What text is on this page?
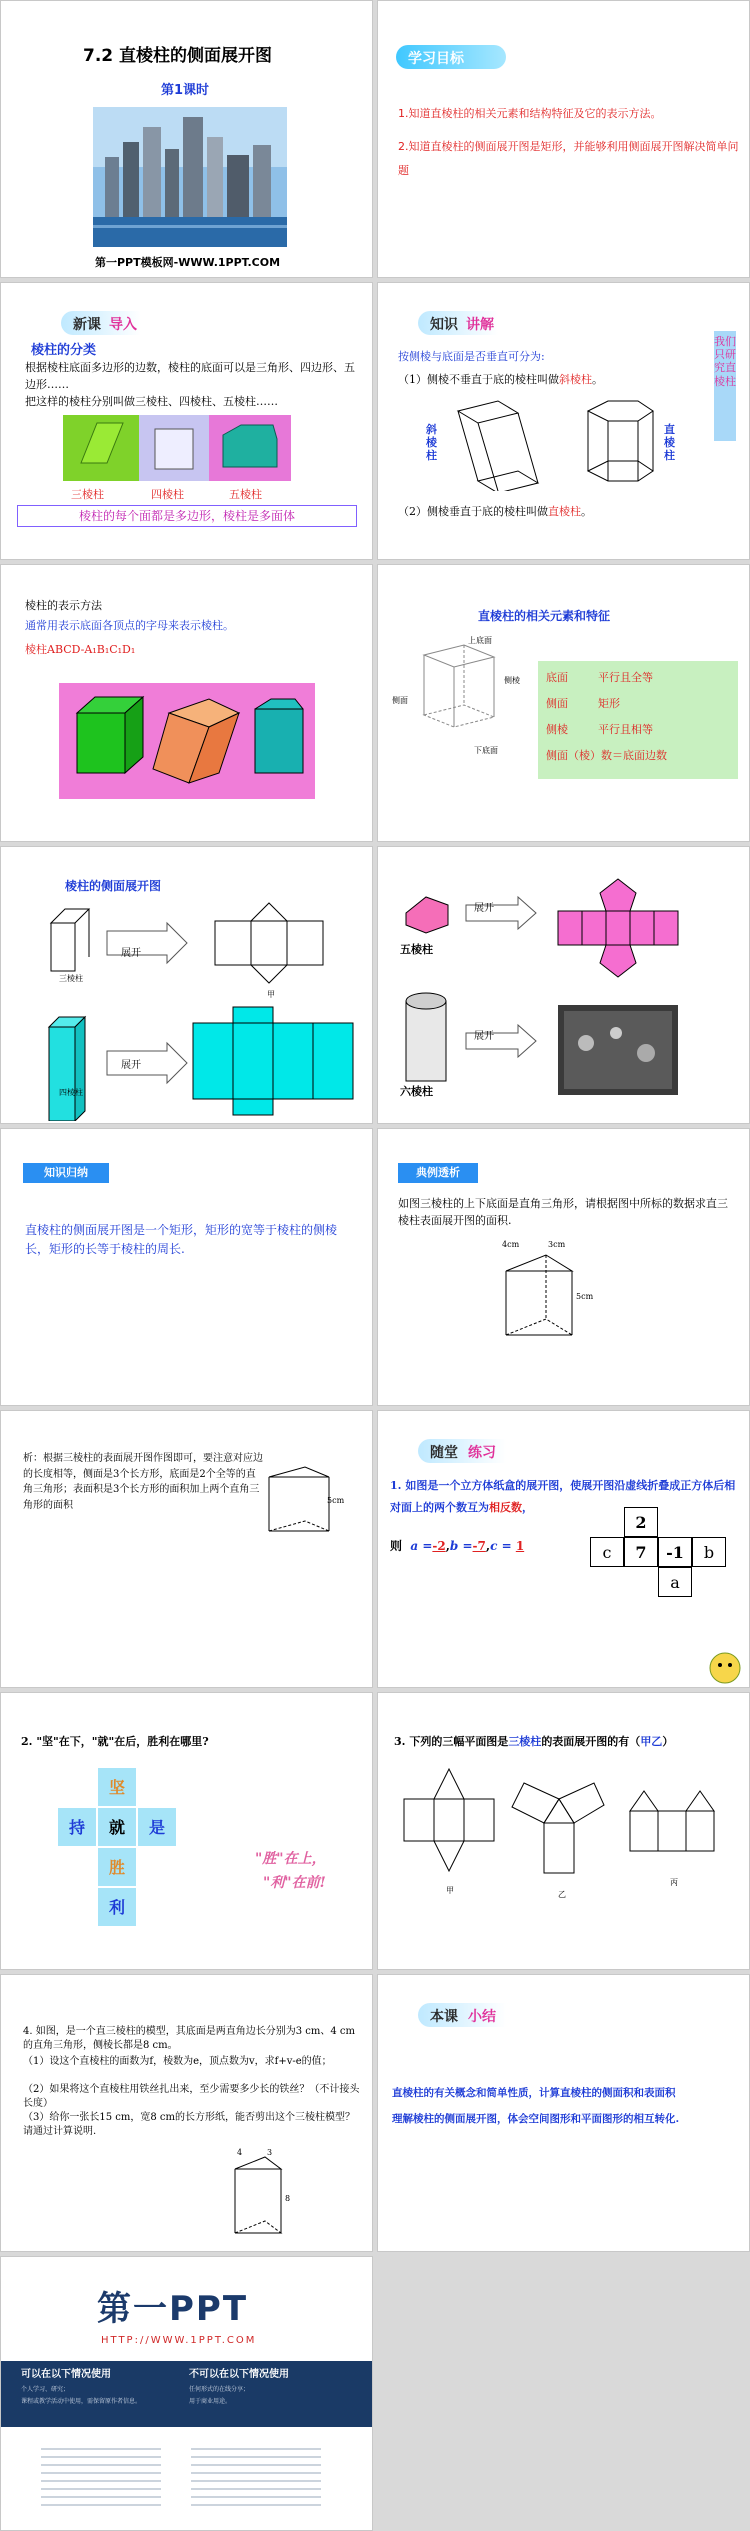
7.2 直棱柱的侧面展开图
第1课时
第一PPT模板网-WWW.1PPT.COM
学习目标
1.知道直棱柱的相关元素和结构特征及它的表示方法。
2.知道直棱柱的侧面展开图是矩形，并能够利用侧面展开图解决简单问题
新课 导入
棱柱的分类
根据棱柱底面多边形的边数，棱柱的底面可以是三角形、四边形、五边形……
把这样的棱柱分别叫做三棱柱、四棱柱、五棱柱……
三棱柱	四棱柱	五棱柱
棱柱的每个面都是多边形，棱柱是多面体
知识 讲解
按侧棱与底面是否垂直可分为:
（1）侧棱不垂直于底的棱柱叫做斜棱柱。
斜棱柱
直棱柱
（2）侧棱垂直于底的棱柱叫做直棱柱。
我们只研究直棱柱
棱柱的表示方法
通常用表示底面各顶点的字母来表示棱柱。
棱柱ABCD-A₁B₁C₁D₁
直棱柱的相关元素和特征
上底面
侧面
侧棱
下底面
底面	平行且全等
侧面	矩形
侧棱	平行且相等
侧面（棱）数＝底面边数
棱柱的侧面展开图
展开
展开
三棱柱
四棱柱
甲
展开
展开
五棱柱
六棱柱
知识归纳
直棱柱的侧面展开图是一个矩形，矩形的宽等于棱柱的侧棱长，矩形的长等于棱柱的周长.
典例透析
如图三棱柱的上下底面是直角三角形，请根据图中所标的数据求直三棱柱表面展开图的面积.
4cm	3cm
5cm
析：根据三棱柱的表面展开图作图即可，要注意对应边的长度相等，侧面是3个长方形，底面是2个全等的直角三角形；表面积是3个长方形的面积加上两个直角三角形的面积	5cm
随堂 练习
1. 如图是一个立方体纸盒的展开图，使展开图沿虚线折叠成正方体后相对面上的两个数互为相反数，
则 a =-2,b =-7,c = 1
2
c	7	-1	b
a
2. "坚"在下，"就"在后，胜利在哪里?
坚
持	就	是
胜
利
"胜"在上，
"利"在前!
3. 下列的三幅平面图是三棱柱的表面展开图的有（甲乙）
甲	乙
丙
4. 如图，是一个直三棱柱的模型，其底面是两直角边长分别为3 cm、4 cm的直角三角形，侧棱长都是8 cm。
（1）设这个直棱柱的面数为f，棱数为e，顶点数为v，求f+v-e的值；
（2）如果将这个直棱柱用铁丝扎出来，至少需要多少长的铁丝？（不计接头长度）
（3）给你一张长15 cm，宽8 cm的长方形纸，能否剪出这个三棱柱模型？请通过计算说明.
4	3
8
本课 小结
直棱柱的有关概念和简单性质，计算直棱柱的侧面积和表面积
理解棱柱的侧面展开图，体会空间图形和平面图形的相互转化.
第一PPT
HTTP://WWW.1PPT.COM
可以在以下情况使用
个人学习、研究；
课程或教学活动中使用，需保留原作者信息。
不可以在以下情况使用
任何形式的在线分享；
用于商业用途。
